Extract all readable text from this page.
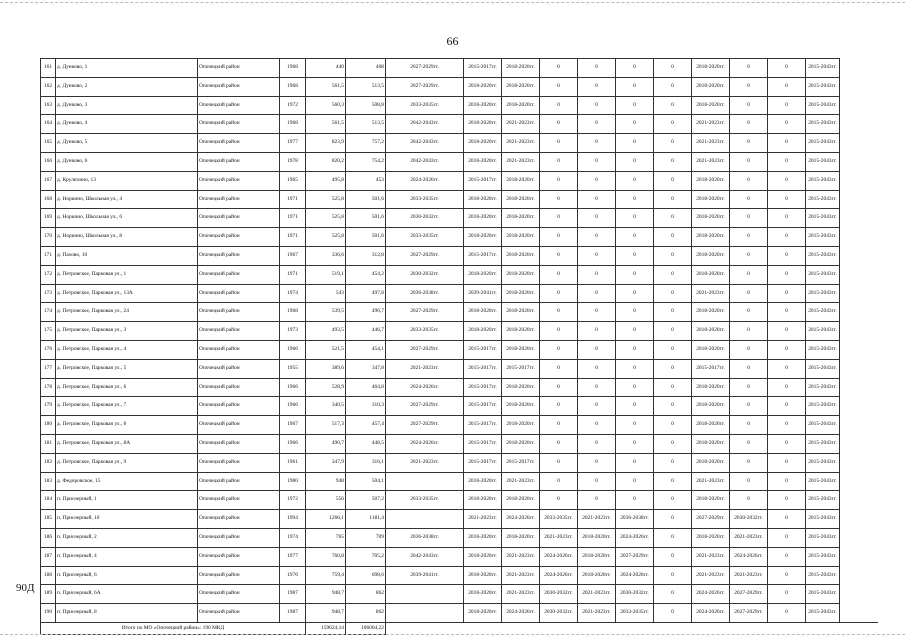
66
161	д. Дунково, 1	Опочецкий район	1968	440	408	2027-2029гг.	2015-2017гг.	2018-2020гг.	0	0	0	0	2018-2020гг.	0	0	2015-2043гг.
162	д. Дунково, 2	Опочецкий район	1968	561,5	513,5	2027-2029гг.	2018-2020гг.	2018-2020гг.	0	0	0	0	2018-2020гг.	0	0	2015-2043гг.
163	д. Дунково, 3	Опочецкий район	1972	560,3	508,8	2033-2035гг.	2018-2020гг.	2018-2020гг.	0	0	0	0	2018-2020гг.	0	0	2015-2043гг.
164	д. Дунково, 4	Опочецкий район	1968	561,5	513,5	2042-2043гг.	2018-2020гг.	2021-2023гг.	0	0	0	0	2021-2023гг.	0	0	2015-2043гг.
165	д. Дунково, 5	Опочецкий район	1977	823,9	757,2	2042-2043гг.	2018-2020гг.	2021-2023гг.	0	0	0	0	2021-2023гг.	0	0	2015-2043гг.
166	д. Дунково, 6	Опочецкий район	1978	820,2	754,2	2042-2043гг.	2018-2020гг.	2021-2023гг.	0	0	0	0	2021-2023гг.	0	0	2015-2043гг.
167	д. Крулихино, 13	Опочецкий район	1965	495,8	453	2024-2026гг.	2015-2017гг.	2018-2020гг.	0	0	0	0	2018-2020гг.	0	0	2015-2043гг.
168	д. Норкино, Школьная ул., 4	Опочецкий район	1971	525,8	501,6	2033-2035гг.	2018-2020гг.	2018-2020гг.	0	0	0	0	2018-2020гг.	0	0	2015-2043гг.
169	д. Норкино, Школьная ул., 6	Опочецкий район	1971	525,8	501,6	2030-2032гг.	2018-2020гг.	2018-2020гг.	0	0	0	0	2018-2020гг.	0	0	2015-2043гг.
170	д. Норкино, Школьная ул., 8	Опочецкий район	1971	525,8	501,6	2033-2035гг.	2018-2020гг.	2018-2020гг.	0	0	0	0	2018-2020гг.	0	0	2015-2043гг.
171	д. Пахово, 10	Опочецкий район	1967	336,6	312,8	2027-2029гг.	2015-2017гг.	2018-2020гг.	0	0	0	0	2018-2020гг.	0	0	2015-2043гг.
172	д. Петровское, Парковая ул., 1	Опочецкий район	1971	519,1	454,2	2030-2032гг.	2018-2020гг.	2018-2020гг.	0	0	0	0	2018-2020гг.	0	0	2015-2043гг.
173	д. Петровское, Парковая ул., 13А	Опочецкий район	1974	543	497,8	2036-2038гг.	2039-2041гг.	2018-2020гг.	0	0	0	0	2021-2023гг.	0	0	2015-2043гг.
174	д. Петровское, Парковая ул., 24	Опочецкий район	1968	539,5	496,7	2027-2029гг.	2018-2020гг.	2018-2020гг.	0	0	0	0	2018-2020гг.	0	0	2015-2043гг.
175	д. Петровское, Парковая ул., 3	Опочецкий район	1973	493,5	446,7	2033-2035гг.	2018-2020гг.	2018-2020гг.	0	0	0	0	2018-2020гг.	0	0	2015-2043гг.
176	д. Петровское, Парковая ул., 4	Опочецкий район	1966	521,5	454,1	2027-2029гг.	2015-2017гг.	2018-2020гг.	0	0	0	0	2018-2020гг.	0	0	2015-2043гг.
177	д. Петровское, Парковая ул., 5	Опочецкий район	1955	389,6	347,8	2021-2023гг.	2015-2017гг.	2015-2017гг.	0	0	0	0	2015-2017гг.	0	0	2015-2043гг.
178	д. Петровское, Парковая ул., 6	Опочецкий район	1966	528,9	464,8	2024-2026гг.	2015-2017гг.	2018-2020гг.	0	0	0	0	2018-2020гг.	0	0	2015-2043гг.
179	д. Петровское, Парковая ул., 7	Опочецкий район	1966	340,5	310,3	2027-2029гг.	2015-2017гг.	2018-2020гг.	0	0	0	0	2018-2020гг.	0	0	2015-2043гг.
180	д. Петровское, Парковая ул., 8	Опочецкий район	1967	517,3	457,4	2027-2029гг.	2015-2017гг.	2018-2020гг.	0	0	0	0	2018-2020гг.	0	0	2015-2043гг.
181	д. Петровское, Парковая ул., 8А	Опочецкий район	1966	490,7	448,5	2024-2026гг.	2015-2017гг.	2018-2020гг.	0	0	0	0	2018-2020гг.	0	0	2015-2043гг.
182	д. Петровское, Парковая ул., 9	Опочецкий район	1961	347,9	316,1	2021-2023гг.	2015-2017гг.	2015-2017гг.	0	0	0	0	2018-2020гг.	0	0	2015-2043гг.
183	д. Федоровское, 15	Опочецкий район	1980	948	504,1		2018-2020гг.	2021-2023гг.	0	0	0	0	2021-2023гг.	0	0	2015-2043гг.
184	п. Приозерный, 1	Опочецкий район	1972	556	507,2	2033-2035гг.	2018-2020гг.	2018-2020гг.	0	0	0	0	2018-2020гг.	0	0	2015-2043гг.
185	п. Приозерный, 10	Опочецкий район	1994	1266,1	1181,4		2021-2023гг.	2024-2026гг.	2033-2035гг.	2021-2023гг.	2036-2038гг.	0	2027-2029гг.	2030-2032гг.	0	2015-2043гг.
186	п. Приозерный, 2	Опочецкий район	1974	765	709	2036-2038гг.	2018-2020гг.	2018-2020гг.	2021-2023гг.	2018-2020гг.	2024-2026гг.	0	2018-2020гг.	2021-2023гг.	0	2015-2043гг.
187	п. Приозерный, 4	Опочецкий район	1977	760,8	705,2	2042-2043гг.	2018-2020гг.	2021-2023гг.	2024-2026гг.	2018-2020гг.	2027-2029гг.	0	2021-2023гг.	2024-2026гг.	0	2015-2043гг.
188	п. Приозерный, 6	Опочецкий район	1976	759,4	698,6	2039-2041гг.	2018-2020гг.	2021-2023гг.	2024-2026гг.	2018-2020гг.	2024-2026гг.	0	2021-2023гг.	2021-2023гг.	0	2015-2043гг.
189	п. Приозерный, 6А	Опочецкий район	1987	948,7	862		2018-2020гг.	2021-2023гг.	2030-2032гг.	2021-2023гг.	2030-2032гг.	0	2024-2026гг.	2027-2029гг.	0	2015-2043гг.
190	п. Приозерный, 8	Опочецкий район	1987	948,7	862		2018-2020гг.	2024-2026гг.	2030-2032гг.	2021-2023гг.	2033-2035гг.	0	2024-2026гг.	2027-2029гг.	0	2015-2043гг.
Итого по МО «Опочецкий район»: 190 МКД				159624,14	106004,22											
90Д
